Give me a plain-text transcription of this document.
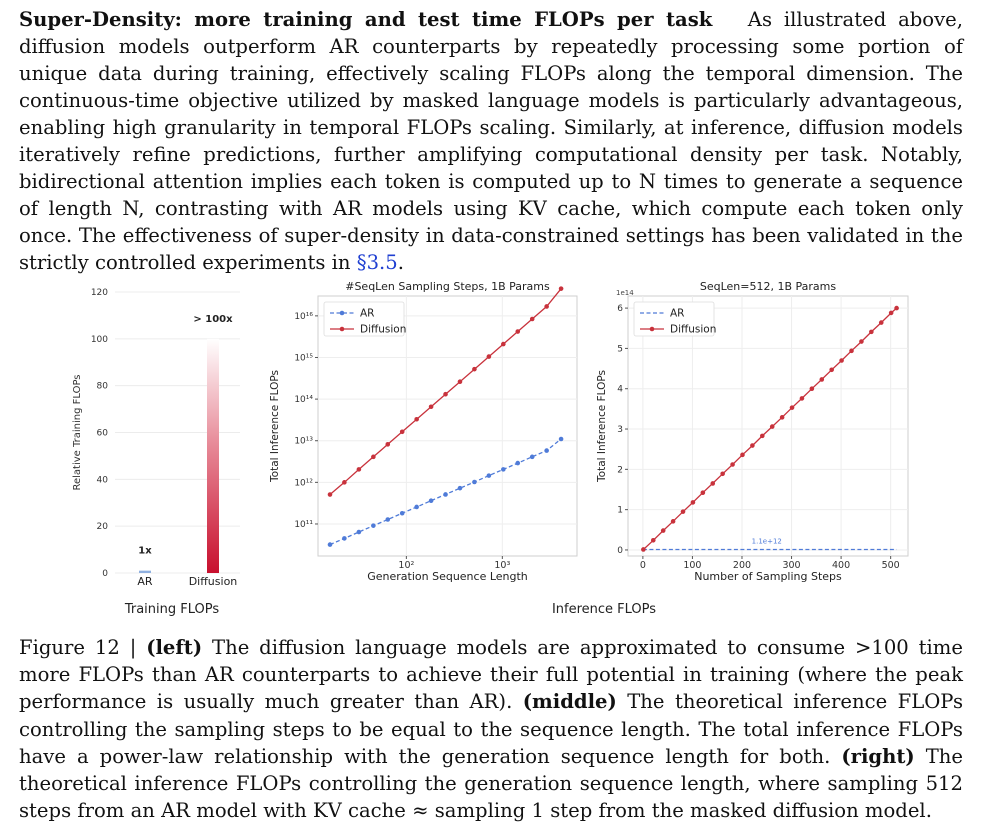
Super-Density: more training and test time FLOPs per task As illustrated above, diffusion models outperform AR counterparts by repeatedly processing some portion of unique data during training, effectively scaling FLOPs along the temporal dimension. The continuous-time objective utilized by masked language models is particularly advantageous, enabling high granularity in temporal FLOPs scaling. Similarly, at inference, diffusion models iteratively refine predictions, further amplifying computational density per task. Notably, bidirectional attention implies each token is computed up to N times to generate a sequence of length N, contrasting with AR models using KV cache, which compute each token only once. The effectiveness of super-density in data-constrained settings has been validated in the strictly controlled experiments in §3.5.
0
20
40
60
80
100
120
Relative Training FLOPs
AR	Diffusion
1x
> 100x
10²	10³
10¹¹
10¹²
10¹³
10¹⁴
10¹⁵
10¹⁶
#SeqLen Sampling Steps, 1B Params
Generation Sequence Length
Total Inference FLOPs
AR
Diffusion
0	100	200	300	400	500
0
1
2
3
4
5
6
SeqLen=512, 1B Params
Number of Sampling Steps
Total Inference FLOPs
1e14
1.1e+12
AR
Diffusion
Training FLOPs	Inference FLOPs
Figure 12 | (left) The diffusion language models are approximated to consume >100 time more FLOPs than AR counterparts to achieve their full potential in training (where the peak performance is usually much greater than AR). (middle) The theoretical inference FLOPs controlling the sampling steps to be equal to the sequence length. The total inference FLOPs have a power-law relationship with the generation sequence length for both. (right) The theoretical inference FLOPs controlling the generation sequence length, where sampling 512 steps from an AR model with KV cache ≈ sampling 1 step from the masked diffusion model.
